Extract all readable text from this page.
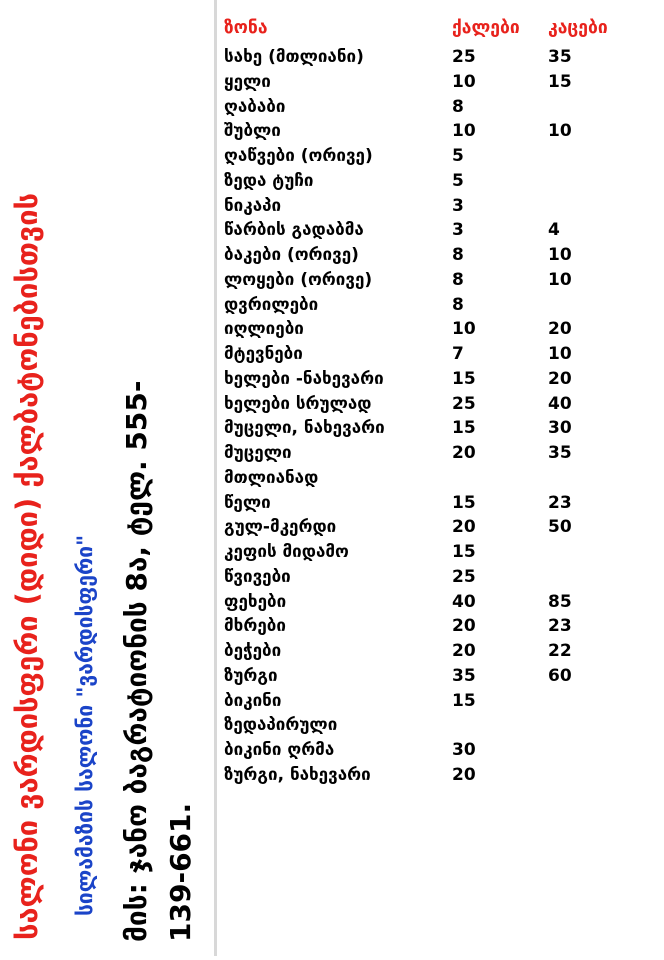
სალონი ვარდისფერი (დიდი) ქალბატონებისთვის სილამაზის სალონი "ვარდისფერი" მის: ჯანო ბაგრატიონის 8ა, ტელ. 555- 139-661.
ზონა	ქალები	კაცები
სახე (მთლიანი)	25	35
ყელი	10	15
ღაბაბი	8	
შუბლი	10	10
ღაწვები (ორივე)	5	
ზედა ტუჩი	5	
ნიკაპი	3	
წარბის გადაბმა	3	4
ბაკები (ორივე)	8	10
ლოყები (ორივე)	8	10
დვრილები	8	
იღლიები	10	20
მტევნები	7	10
ხელები -ნახევარი	15	20
ხელები სრულად	25	40
მუცელი, ნახევარი	15	30
მუცელი	20	35
მთლიანად		
წელი	15	23
გულ-მკერდი	20	50
კეფის მიდამო	15	
წვივები	25	
ფეხები	40	85
მხრები	20	23
ბეჭები	20	22
ზურგი	35	60
ბიკინი	15	
ზედაპირული		
ბიკინი ღრმა	30	
ზურგი, ნახევარი	20	
